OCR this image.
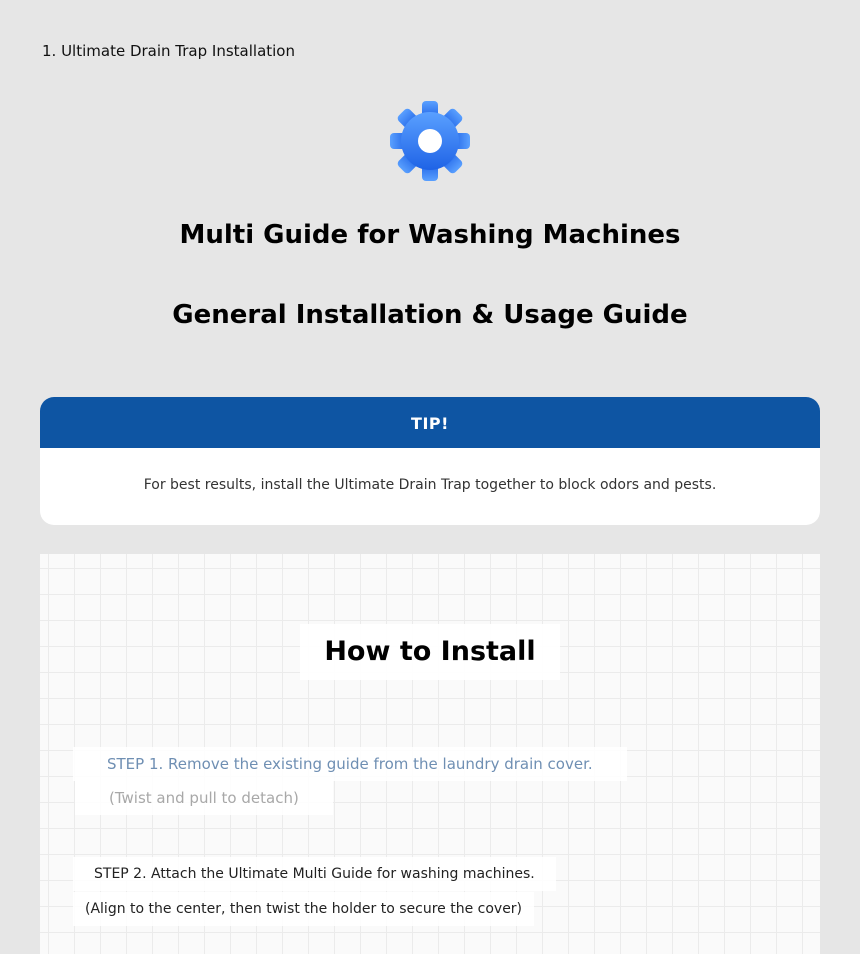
1. Ultimate Drain Trap Installation
Multi Guide for Washing Machines
General Installation & Usage Guide
TIP!
For best results, install the Ultimate Drain Trap together to block odors and pests.
How to Install
STEP 1. Remove the existing guide from the laundry drain cover.
(Twist and pull to detach)
STEP 2. Attach the Ultimate Multi Guide for washing machines.
(Align to the center, then twist the holder to secure the cover)
